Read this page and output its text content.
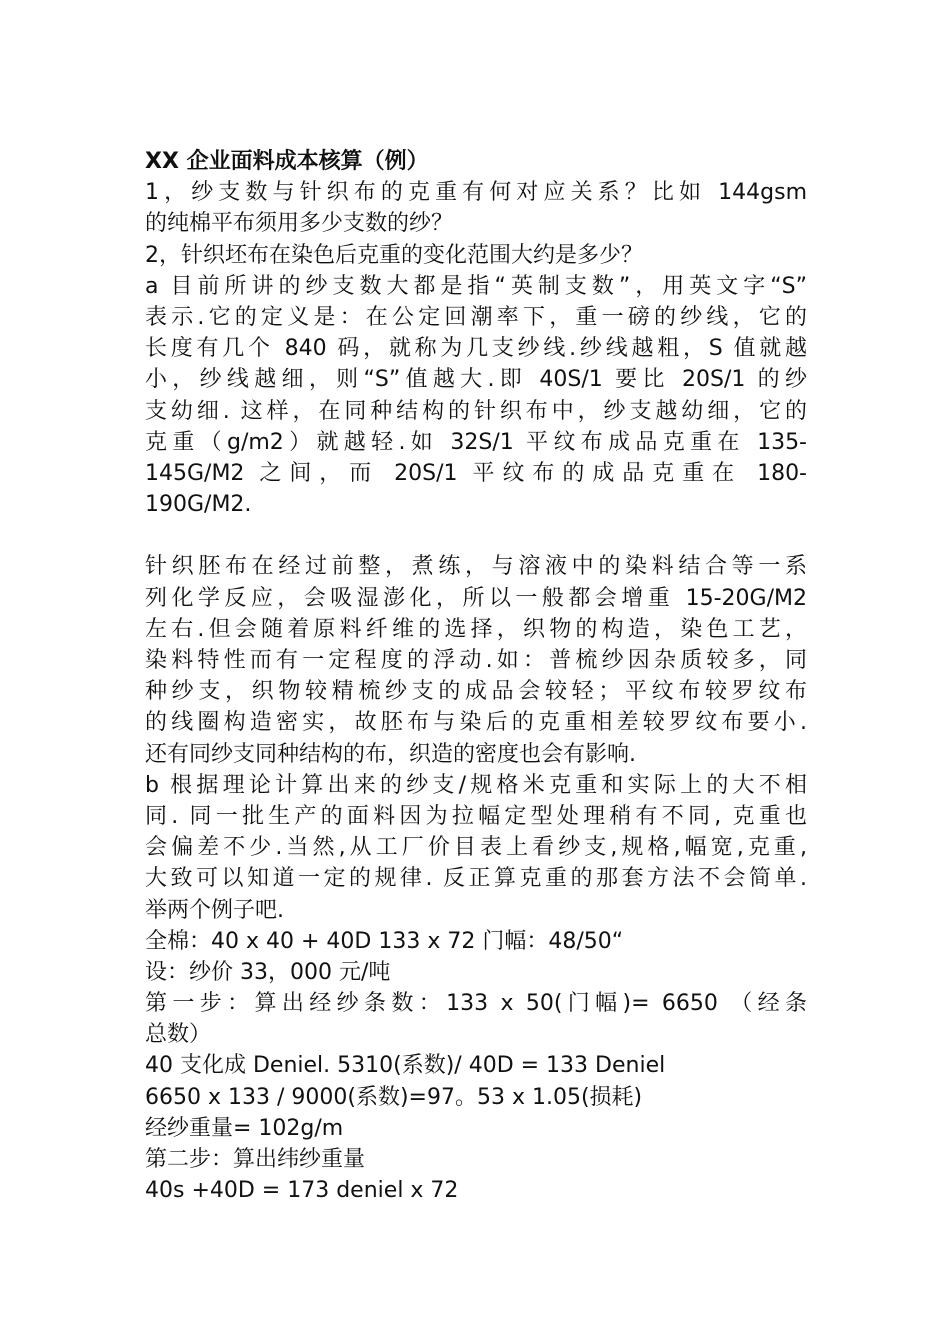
XX 企业面料成本核算（例）
1，纱支数与针织布的克重有何对应关系？比如 144gsm
的纯棉平布须用多少支数的纱？
2，针织坯布在染色后克重的变化范围大约是多少？
a 目前所讲的纱支数大都是指“英制支数”，用英文字“S”
表示.它的定义是：在公定回潮率下，重一磅的纱线，它的
长度有几个 840 码，就称为几支纱线.纱线越粗，S 值就越
小，纱线越细，则“S”值越大.即 40S/1 要比 20S/1 的纱
支幼细. 这样，在同种结构的针织布中，纱支越幼细，它的
克重（g/m2）就越轻.如 32S/1 平纹布成品克重在 135-
145G/M2 之间，而 20S/1 平纹布的成品克重在 180-
190G/M2.
针织胚布在经过前整，煮练，与溶液中的染料结合等一系
列化学反应，会吸湿澎化，所以一般都会增重 15-20G/M2
左右.但会随着原料纤维的选择，织物的构造，染色工艺，
染料特性而有一定程度的浮动.如：普梳纱因杂质较多，同
种纱支，织物较精梳纱支的成品会较轻；平纹布较罗纹布
的线圈构造密实，故胚布与染后的克重相差较罗纹布要小.
还有同纱支同种结构的布，织造的密度也会有影响.
b 根据理论计算出来的纱支/规格米克重和实际上的大不相
同. 同一批生产的面料因为拉幅定型处理稍有不同, 克重也
会偏差不少.当然,从工厂价目表上看纱支,规格,幅宽,克重,
大致可以知道一定的规律. 反正算克重的那套方法不会简单.
举两个例子吧.
全棉：40 x 40 + 40D 133 x 72 门幅：48/50“
设：纱价 33，000 元/吨
第一步：算出经纱条数：133 x 50(门幅)= 6650 （经条
总数）
40 支化成 Deniel. 5310(系数)/ 40D = 133 Deniel
6650 x 133 / 9000(系数)=97。53 x 1.05(损耗)
经纱重量= 102g/m
第二步：算出纬纱重量
40s +40D = 173 deniel x 72
